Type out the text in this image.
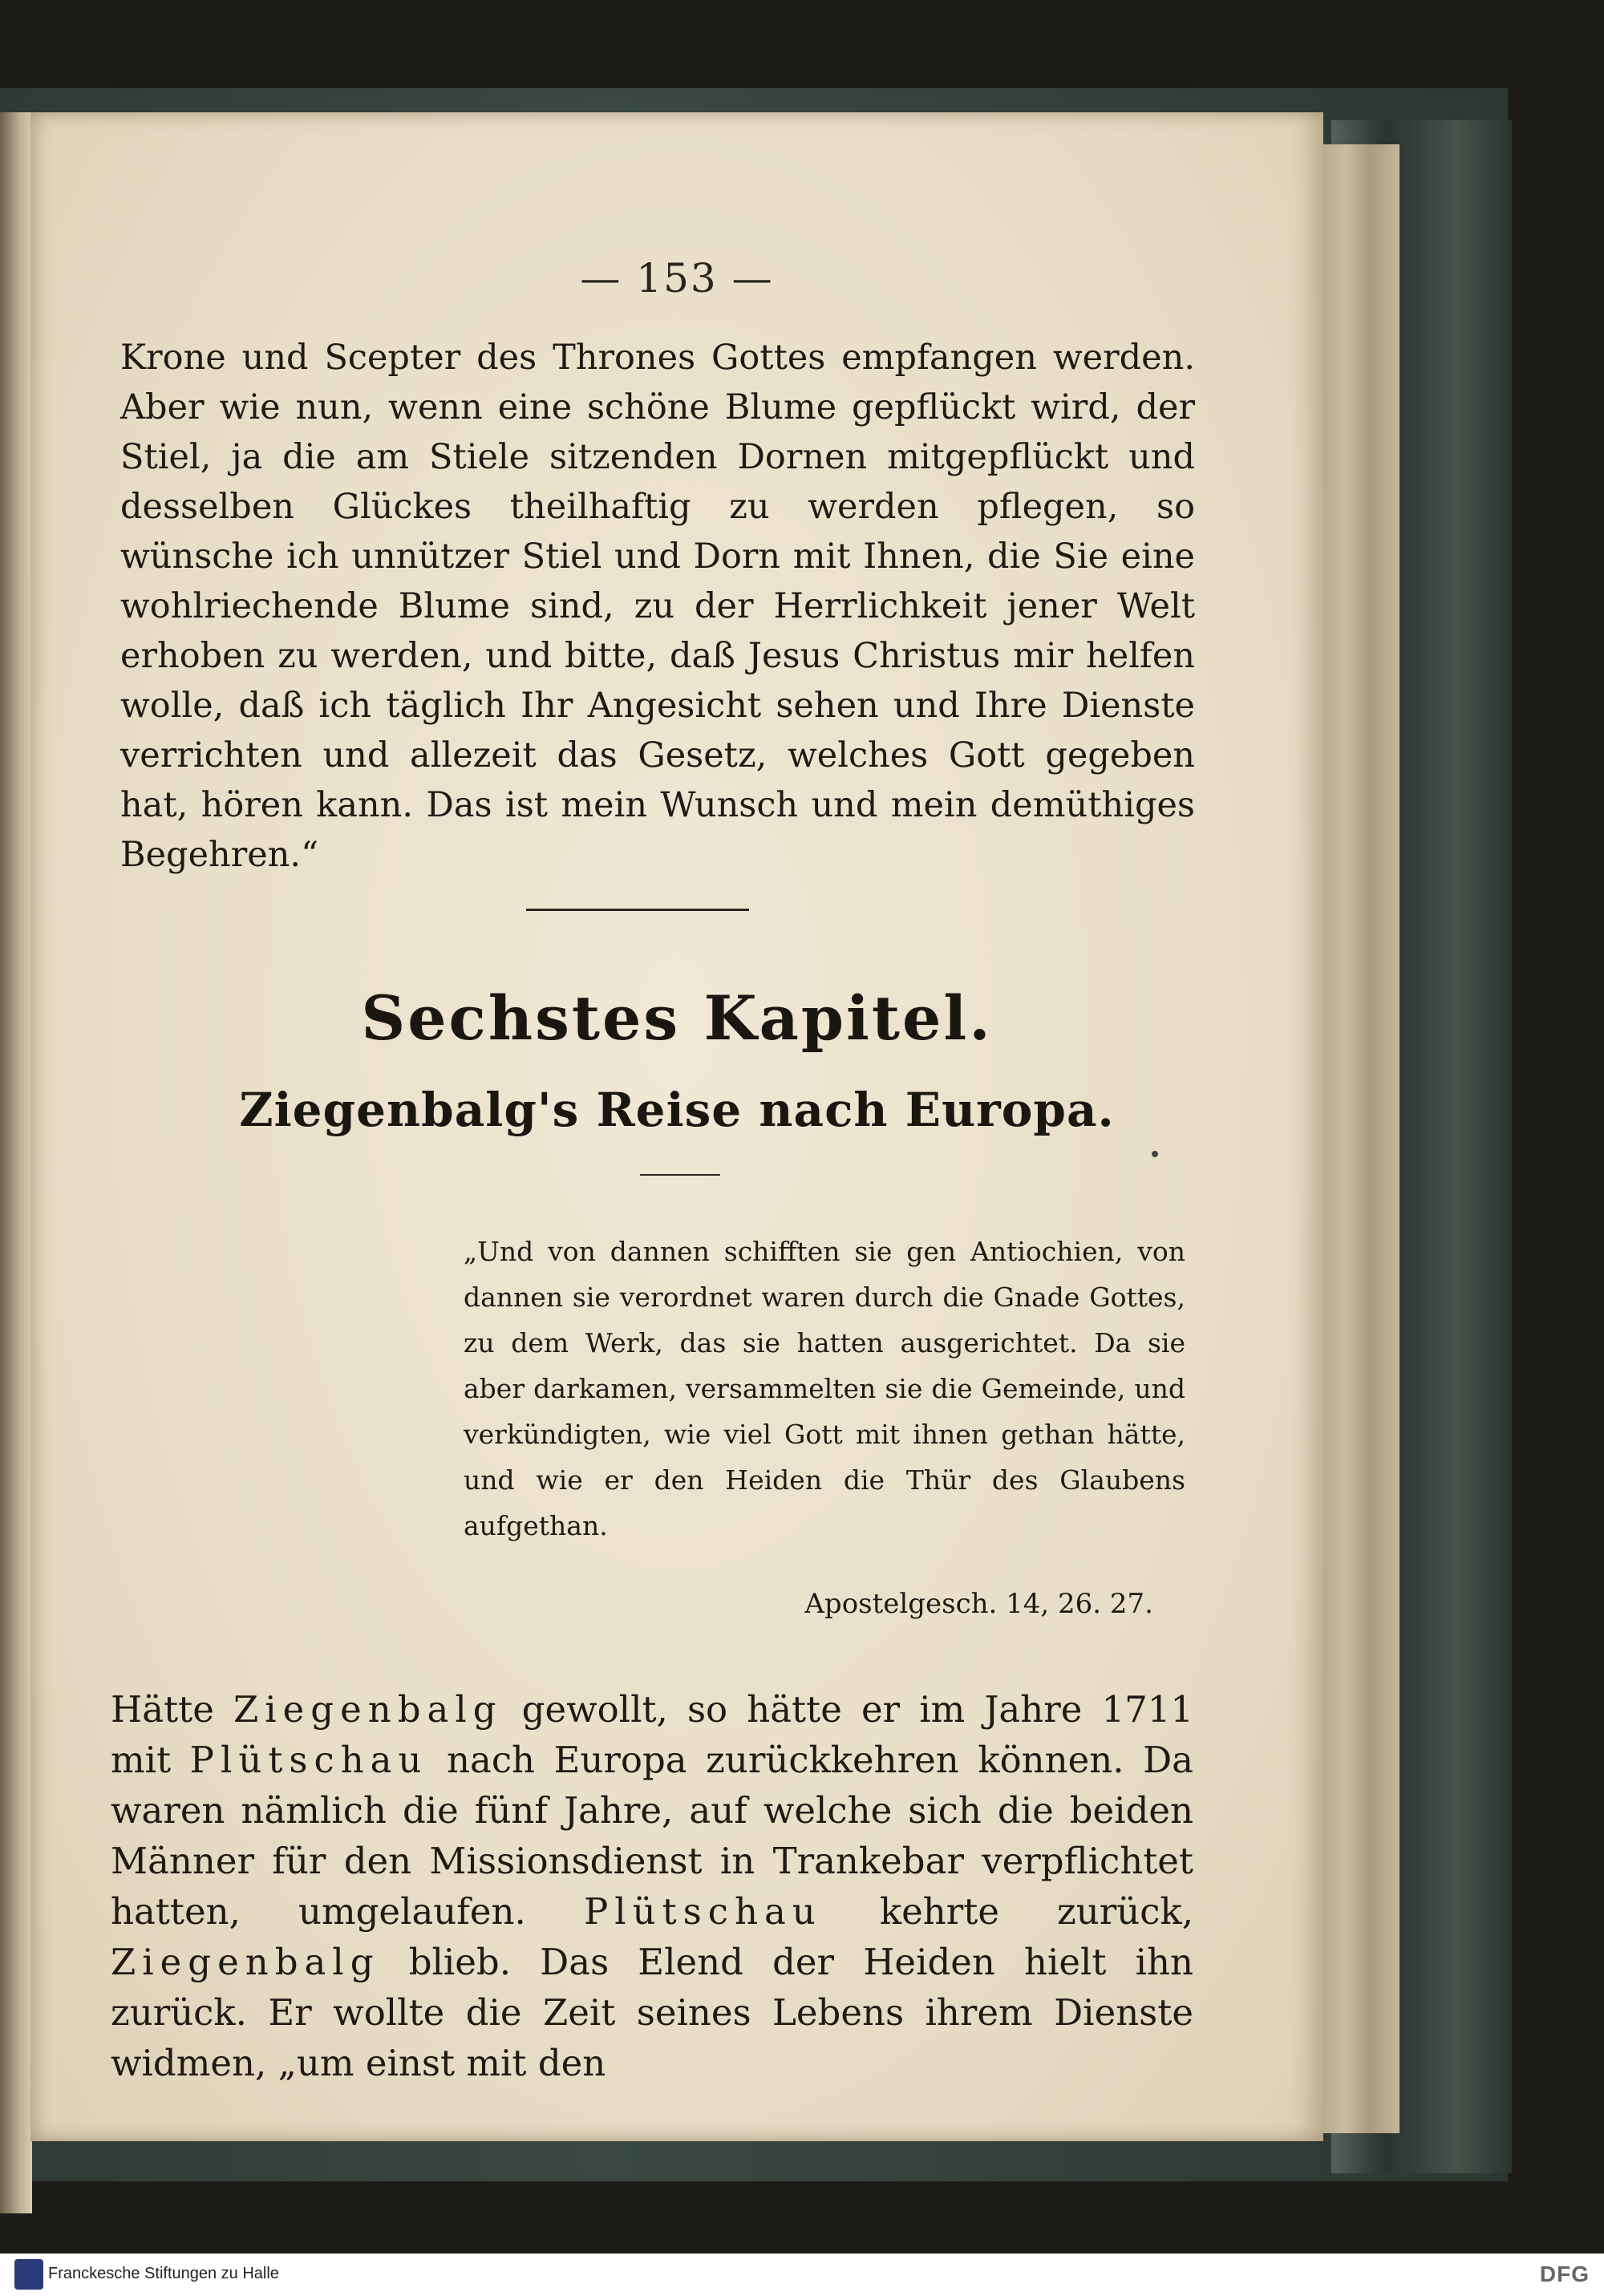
— 153 —

Krone und Scepter des Thrones Gottes empfangen werden. Aber wie nun, wenn eine schöne Blume gepflückt wird, der Stiel, ja die am Stiele sitzenden Dornen mitgepflückt und desselben Glückes theilhaftig zu werden pflegen, so wünsche ich unnützer Stiel und Dorn mit Ihnen, die Sie eine wohlriechende Blume sind, zu der Herrlichkeit jener Welt erhoben zu werden, und bitte, daß Jesus Christus mir helfen wolle, daß ich täglich Ihr Angesicht sehen und Ihre Dienste verrichten und allezeit das Gesetz, welches Gott gegeben hat, hören kann. Das ist mein Wunsch und mein demüthiges Begehren.“

Sechstes Kapitel.
Ziegenbalg's Reise nach Europa.

„Und von dannen schifften sie gen Antiochien, von dannen sie verordnet waren durch die Gnade Gottes, zu dem Werk, das sie hatten ausgerichtet. Da sie aber darkamen, versammelten sie die Gemeinde, und verkündigten, wie viel Gott mit ihnen gethan hätte, und wie er den Heiden die Thür des Glaubens aufgethan.

Apostelgesch. 14, 26. 27.

Hätte Ziegenbalg gewollt, so hätte er im Jahre 1711 mit Plütschau nach Europa zurückkehren können. Da waren nämlich die fünf Jahre, auf welche sich die beiden Männer für den Missionsdienst in Trankebar verpflichtet hatten, umgelaufen. Plütschau kehrte zurück, Ziegenbalg blieb. Das Elend der Heiden hielt ihn zurück. Er wollte die Zeit seines Lebens ihrem Dienste widmen, „um einst mit den

Franckesche Stiftungen zu Halle	DFG
